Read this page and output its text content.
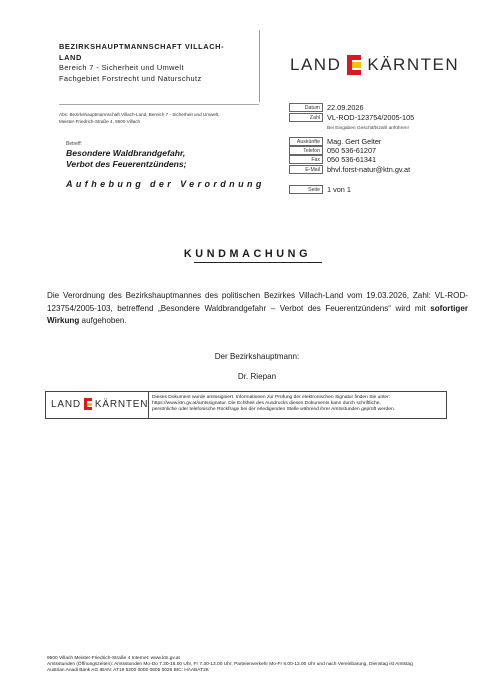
BEZIRKSHAUPTMANNSCHAFT VILLACH-
LAND
Bereich 7 - Sicherheit und Umwelt
Fachgebiet Forstrecht und Naturschutz
LAND KÄRNTEN
Abs: Bezirkshauptmannschaft Villach-Land, Bereich 7 - Sicherheit und Umwelt,
Meister-Friedrich-Straße 4, 9500 Villach
Betreff:
Besondere Waldbrandgefahr,
Verbot des Feuerentzündens;
Aufhebung der Verordnung
Datum 22.09.2026
Zahl VL-ROD-123754/2005-105
Bei Eingaben Geschäftszahl anführen!
Auskünfte Mag. Gert Gelter
Telefon 050 536-61207
Fax 050 536-61341
E-Mail bhvl.forst-natur@ktn.gv.at
Seite 1 von 1
KUNDMACHUNG
Die Verordnung des Bezirkshauptmannes des politischen Bezirkes Villach-Land vom 19.03.2026, Zahl: VL-ROD-123754/2005-103, betreffend „Besondere Waldbrandgefahr – Verbot des Feuerentzündens“ wird mit sofortiger Wirkung aufgehoben.
Der Bezirkshauptmann:
Dr. Riepan
LAND KÄRNTEN
Dieses Dokument wurde amtssigniert. Informationen zur Prüfung der elektronischen Signatur finden Sie unter:
https://www.ktn.gv.at/amtssignatur. Die Echtheit des Ausdrucks dieses Dokuments kann durch schriftliche,
persönliche oder telefonische Rückfrage bei der erledigenden Stelle während ihrer Amtsstunden geprüft werden.
9500 Villach Meister-Friedrich-Straße 4 Internet: www.ktn.gv.at
Amtsstunden (Öffnungszeiten): Amtsstunden Mo-Do 7.30-16.00 Uhr, Fr 7.30-13.00 Uhr; Parteienverkehr Mo-Fr 8.00-12.00 Uhr und nach Vereinbarung, Dienstag ist Amtstag
Austrian Anadi Bank AG IBAN: AT19 5200 0000 0605 0026 BIC: HAABAT2K
